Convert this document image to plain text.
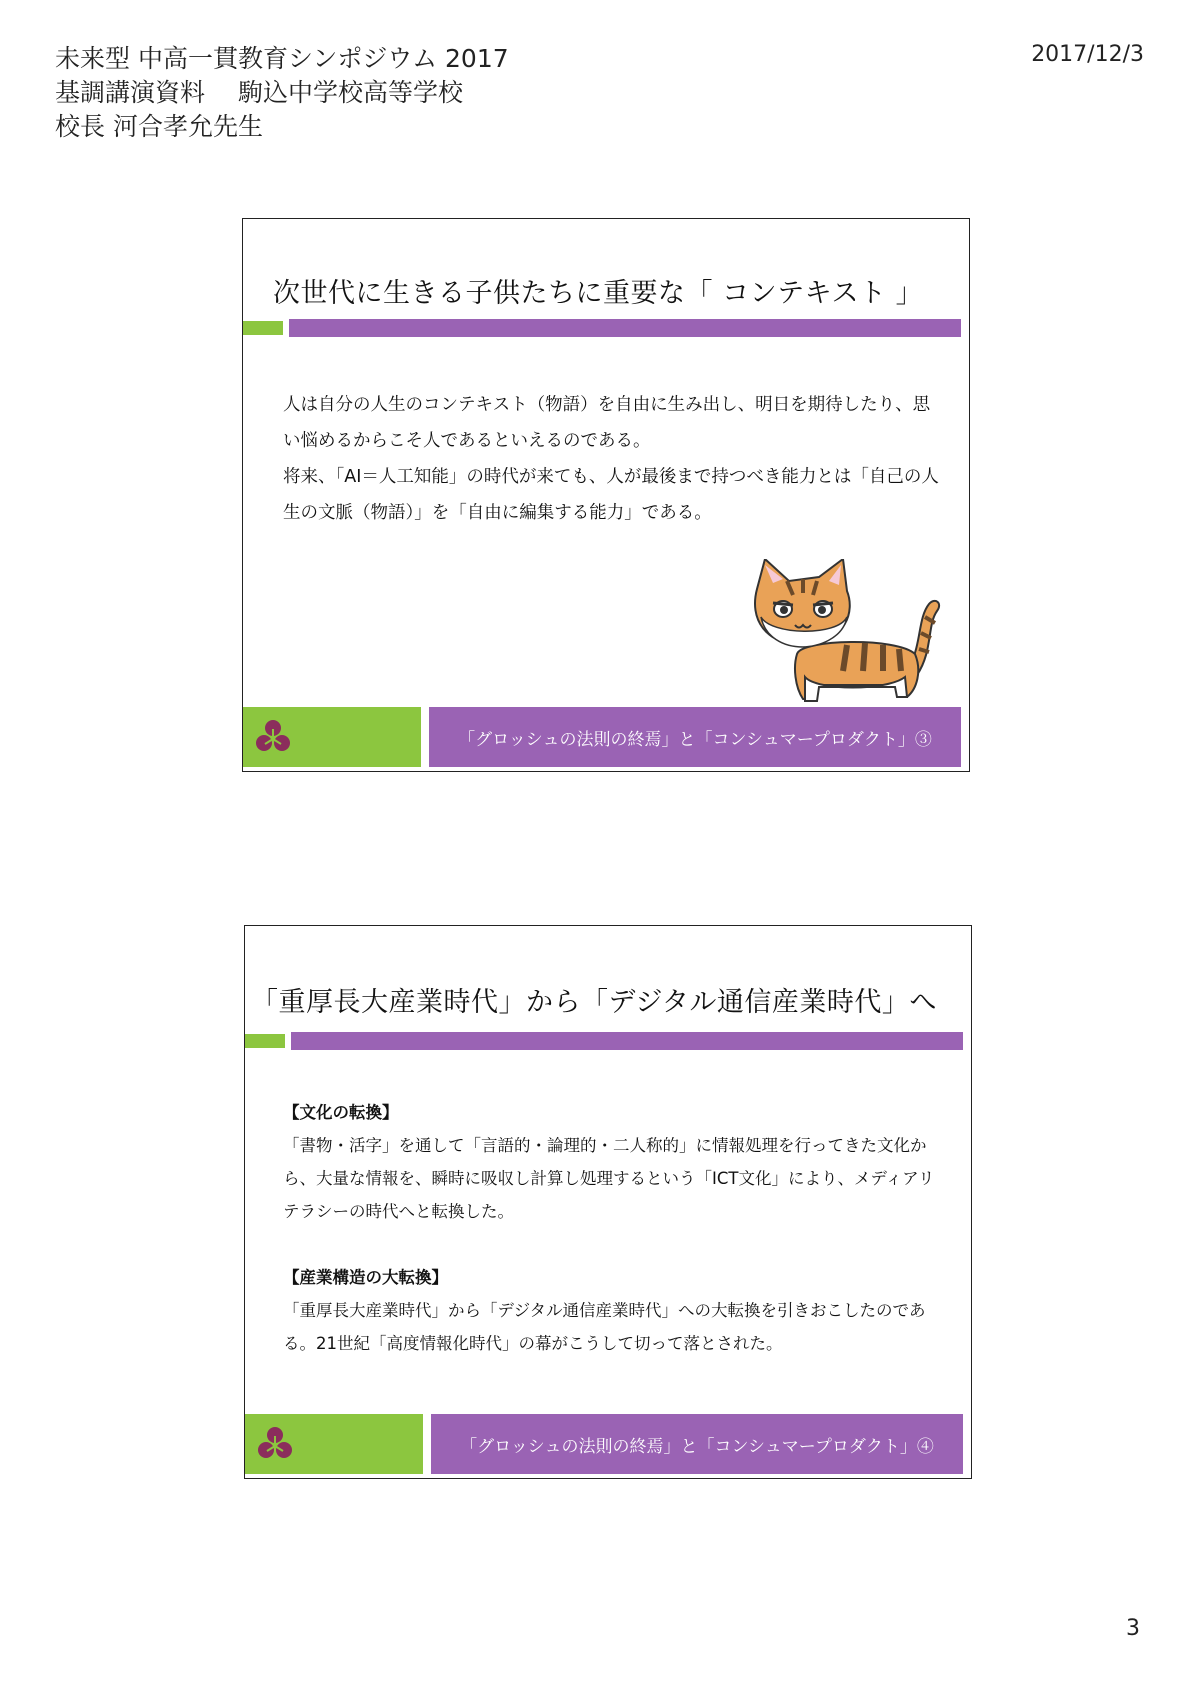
未来型 中高一貫教育シンポジウム 2017
基調講演資料　 駒込中学校高等学校
校長 河合孝允先生
2017/12/3
次世代に生きる子供たちに重要な「 コンテキスト 」

人は自分の人生のコンテキスト（物語）を自由に生み出し、明日を期待したり、思い悩めるからこそ人であるといえるのである。

将来、「AI＝人工知能」の時代が来ても、人が最後まで持つべき能力とは「自己の人生の文脈（物語）」を「自由に編集する能力」である。

「グロッシュの法則の終焉」と「コンシュマープロダクト」③
「重厚長大産業時代」から「デジタル通信産業時代」へ

【文化の転換】

「書物・活字」を通して「言語的・論理的・二人称的」に情報処理を行ってきた文化から、大量な情報を、瞬時に吸収し計算し処理するという「ICT文化」により、メディアリテラシーの時代へと転換した。

【産業構造の大転換】

「重厚長大産業時代」から「デジタル通信産業時代」への大転換を引きおこしたのである。21世紀「高度情報化時代」の幕がこうして切って落とされた。

「グロッシュの法則の終焉」と「コンシュマープロダクト」④
3
